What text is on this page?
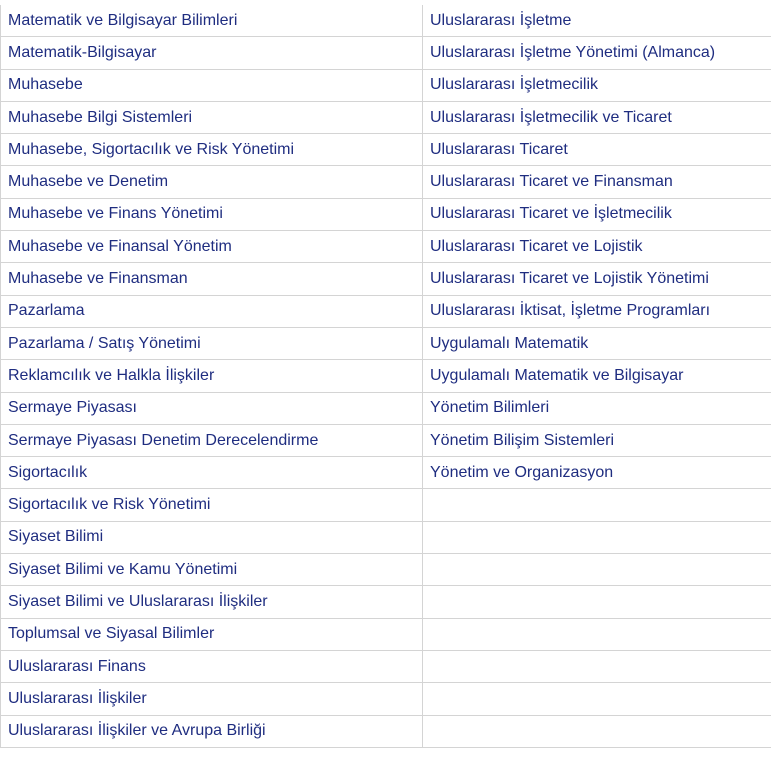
Matematik ve Bilgisayar Bilimleri	Uluslararası İşletme
Matematik-Bilgisayar	Uluslararası İşletme Yönetimi (Almanca)
Muhasebe	Uluslararası İşletmecilik
Muhasebe Bilgi Sistemleri	Uluslararası İşletmecilik ve Ticaret
Muhasebe, Sigortacılık ve Risk Yönetimi	Uluslararası Ticaret
Muhasebe ve Denetim	Uluslararası Ticaret ve Finansman
Muhasebe ve Finans Yönetimi	Uluslararası Ticaret ve İşletmecilik
Muhasebe ve Finansal Yönetim	Uluslararası Ticaret ve Lojistik
Muhasebe ve Finansman	Uluslararası Ticaret ve Lojistik Yönetimi
Pazarlama	Uluslararası İktisat, İşletme Programları
Pazarlama / Satış Yönetimi	Uygulamalı Matematik
Reklamcılık ve Halkla İlişkiler	Uygulamalı Matematik ve Bilgisayar
Sermaye Piyasası	Yönetim Bilimleri
Sermaye Piyasası Denetim Derecelendirme	Yönetim Bilişim Sistemleri
Sigortacılık	Yönetim ve Organizasyon
Sigortacılık ve Risk Yönetimi	
Siyaset Bilimi	
Siyaset Bilimi ve Kamu Yönetimi	
Siyaset Bilimi ve Uluslararası İlişkiler	
Toplumsal ve Siyasal Bilimler	
Uluslararası Finans	
Uluslararası İlişkiler	
Uluslararası İlişkiler ve Avrupa Birliği	
